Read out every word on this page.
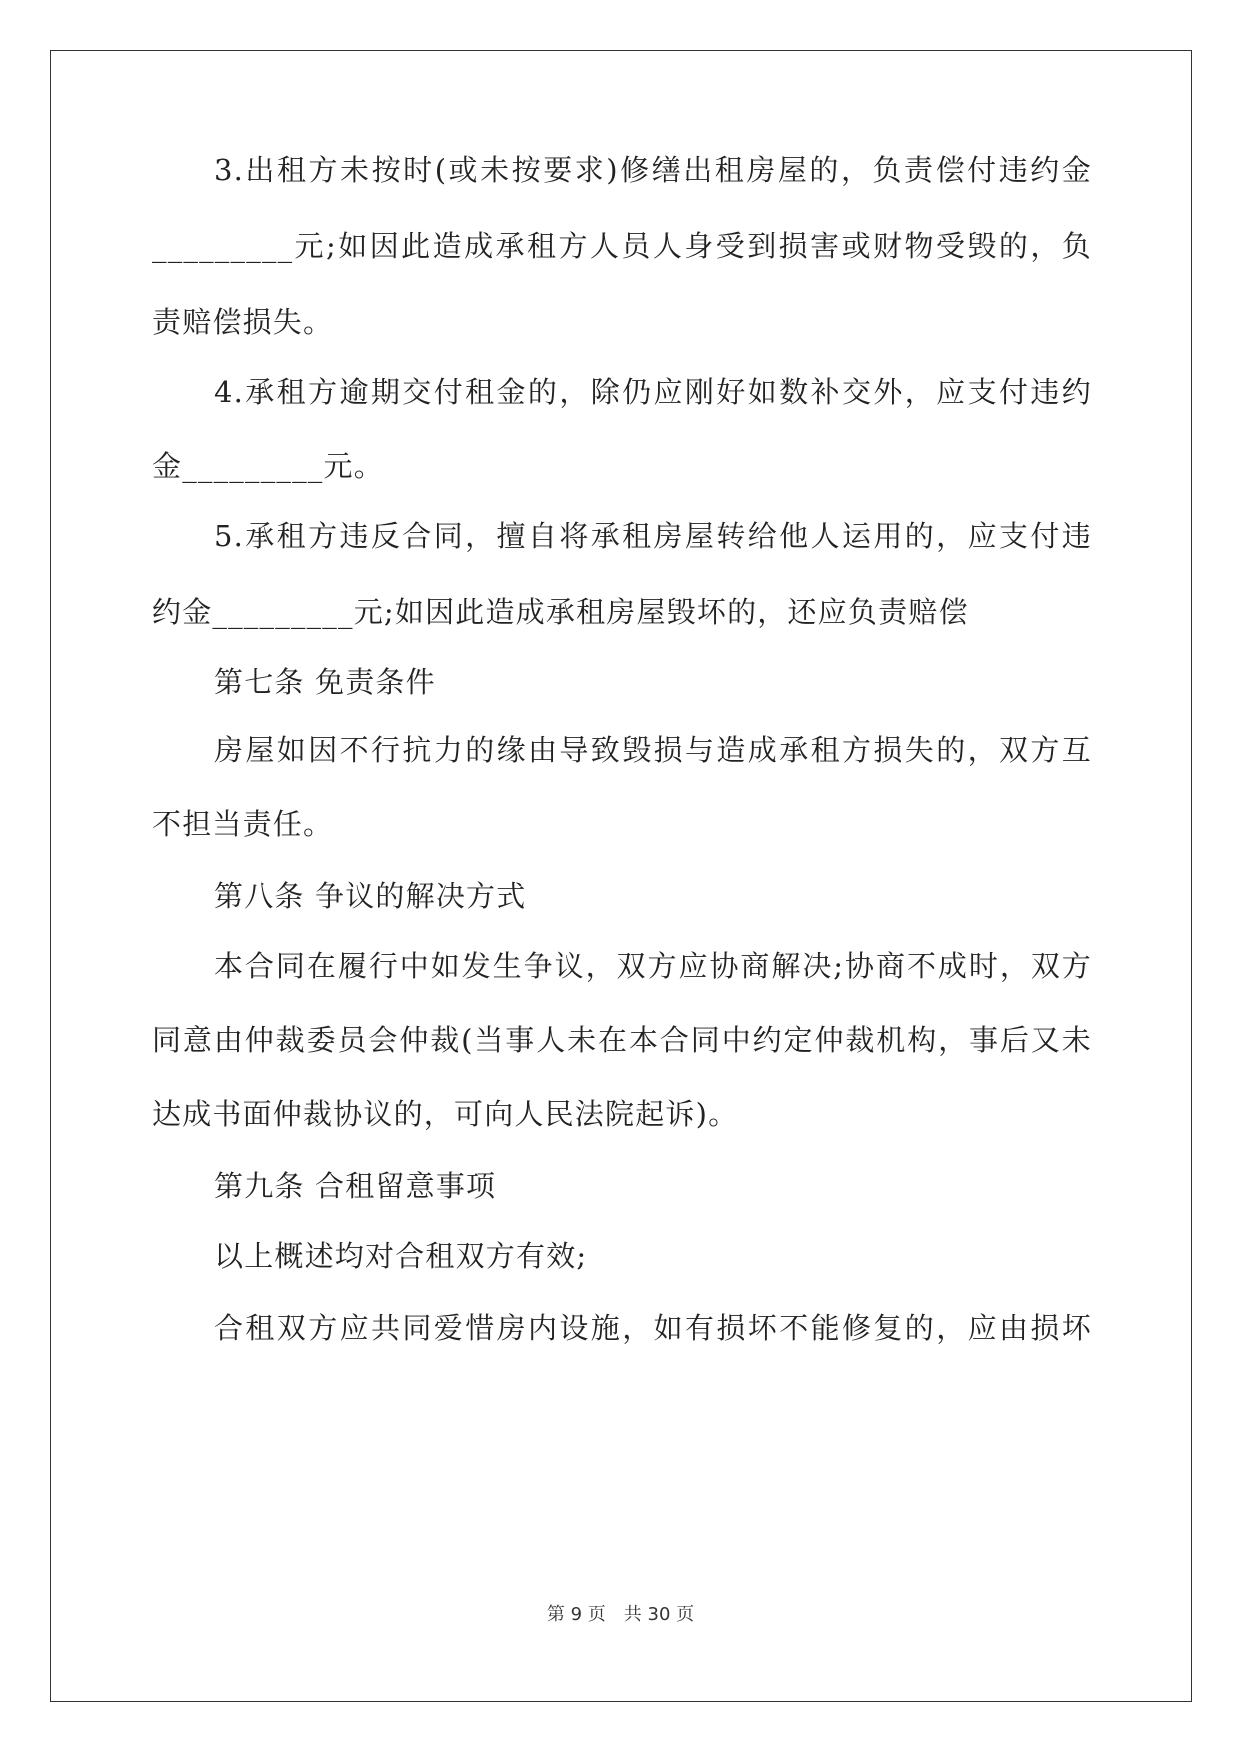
3.出租方未按时(或未按要求)修缮出租房屋的，负责偿付违约金
_________元;如因此造成承租方人员人身受到损害或财物受毁的，负
责赔偿损失。
4.承租方逾期交付租金的，除仍应刚好如数补交外，应支付违约
金_________元。
5.承租方违反合同，擅自将承租房屋转给他人运用的，应支付违
约金_________元;如因此造成承租房屋毁坏的，还应负责赔偿
第七条 免责条件
房屋如因不行抗力的缘由导致毁损与造成承租方损失的，双方互
不担当责任。
第八条 争议的解决方式
本合同在履行中如发生争议，双方应协商解决;协商不成时，双方
同意由仲裁委员会仲裁(当事人未在本合同中约定仲裁机构，事后又未
达成书面仲裁协议的，可向人民法院起诉)。
第九条 合租留意事项
以上概述均对合租双方有效;
合租双方应共同爱惜房内设施，如有损坏不能修复的，应由损坏
第 9 页　共 30 页
